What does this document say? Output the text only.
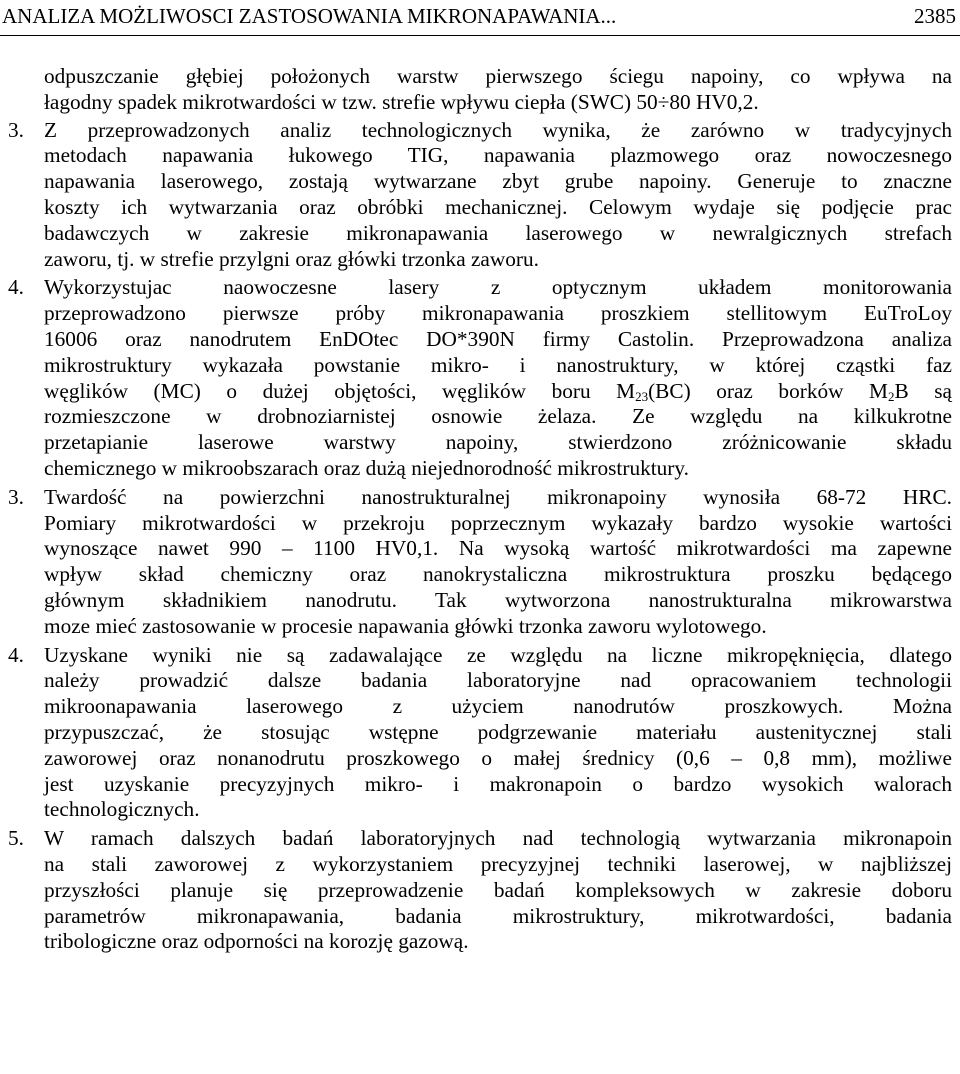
ANALIZA MOŻLIWOSCI ZASTOSOWANIA MIKRONAPAWANIA...	2385
odpuszczanie głębiej położonych warstw pierwszego ściegu napoiny, co wpływa na
łagodny spadek mikrotwardości w tzw. strefie wpływu ciepła (SWC) 50÷80 HV0,2.
3. Z przeprowadzonych analiz technologicznych wynika, że zarówno w tradycyjnych
metodach napawania łukowego TIG, napawania plazmowego oraz nowoczesnego
napawania laserowego, zostają wytwarzane zbyt grube napoiny. Generuje to znaczne
koszty ich wytwarzania oraz obróbki mechanicznej. Celowym wydaje się podjęcie prac
badawczych w zakresie mikronapawania laserowego w newralgicznych strefach
zaworu, tj. w strefie przylgni oraz główki trzonka zaworu.
4. Wykorzystujac naowoczesne lasery z optycznym układem monitorowania
przeprowadzono pierwsze próby mikronapawania proszkiem stellitowym EuTroLoy
16006 oraz nanodrutem EnDOtec DO*390N firmy Castolin. Przeprowadzona analiza
mikrostruktury wykazała powstanie mikro- i nanostruktury, w której cząstki faz
węglików (MC) o dużej objętości, węglików boru $M_{23}(BC)$ oraz borków $M_2B$ są
rozmieszczone w drobnoziarnistej osnowie żelaza. Ze względu na kilkukrotne
przetapianie laserowe warstwy napoiny, stwierdzono zróżnicowanie składu
chemicznego w mikroobszarach oraz dużą niejednorodność mikrostruktury.
3. Twardość na powierzchni nanostrukturalnej mikronapoiny wynosiła 68-72 HRC.
Pomiary mikrotwardości w przekroju poprzecznym wykazały bardzo wysokie wartości
wynoszące nawet 990 – 1100 HV0,1. Na wysoką wartość mikrotwardości ma zapewne
wpływ skład chemiczny oraz nanokrystaliczna mikrostruktura proszku będącego
głównym składnikiem nanodrutu. Tak wytworzona nanostrukturalna mikrowarstwa
moze mieć zastosowanie w procesie napawania główki trzonka zaworu wylotowego.
4. Uzyskane wyniki nie są zadawalające ze względu na liczne mikropęknięcia, dlatego
należy prowadzić dalsze badania laboratoryjne nad opracowaniem technologii
mikroonapawania laserowego z użyciem nanodrutów proszkowych. Można
przypuszczać, że stosując wstępne podgrzewanie materiału austenitycznej stali
zaworowej oraz nonanodrutu proszkowego o małej średnicy (0,6 – 0,8 mm), możliwe
jest uzyskanie precyzyjnych mikro- i makronapoin o bardzo wysokich walorach
technologicznych.
5. W ramach dalszych badań laboratoryjnych nad technologią wytwarzania mikronapoin
na stali zaworowej z wykorzystaniem precyzyjnej techniki laserowej, w najbliższej
przyszłości planuje się przeprowadzenie badań kompleksowych w zakresie doboru
parametrów mikronapawania, badania mikrostruktury, mikrotwardości, badania
tribologiczne oraz odporności na korozję gazową.
